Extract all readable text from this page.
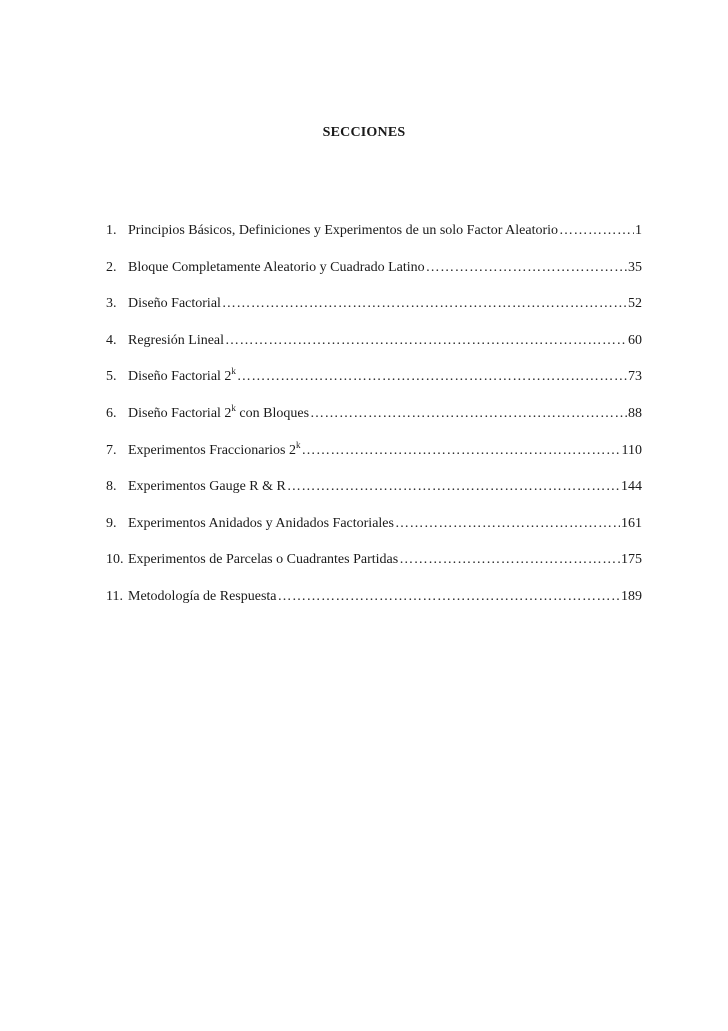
SECCIONES
1. Principios Básicos, Definiciones y Experimentos de un solo Factor Aleatorio ………………………………………………………………………………………………………………………………………………………	1
2. Bloque Completamente Aleatorio y Cuadrado Latino ………………………………………………………………………………………………………………………………………………………	35
3. Diseño Factorial ………………………………………………………………………………………………………………………………………………………	52
4. Regresión Lineal ………………………………………………………………………………………………………………………………………………………	60
5. Diseño Factorial 2$^k$ ………………………………………………………………………………………………………………………………………………………	73
6. Diseño Factorial 2$^k$ con Bloques ………………………………………………………………………………………………………………………………………………………	88
7. Experimentos Fraccionarios 2$^k$ ………………………………………………………………………………………………………………………………………………………	110
8. Experimentos Gauge R & R ………………………………………………………………………………………………………………………………………………………	144
9. Experimentos Anidados y Anidados Factoriales ………………………………………………………………………………………………………………………………………………………	161
10. Experimentos de Parcelas o Cuadrantes Partidas ………………………………………………………………………………………………………………………………………………………	175
11. Metodología de Respuesta ………………………………………………………………………………………………………………………………………………………	189
